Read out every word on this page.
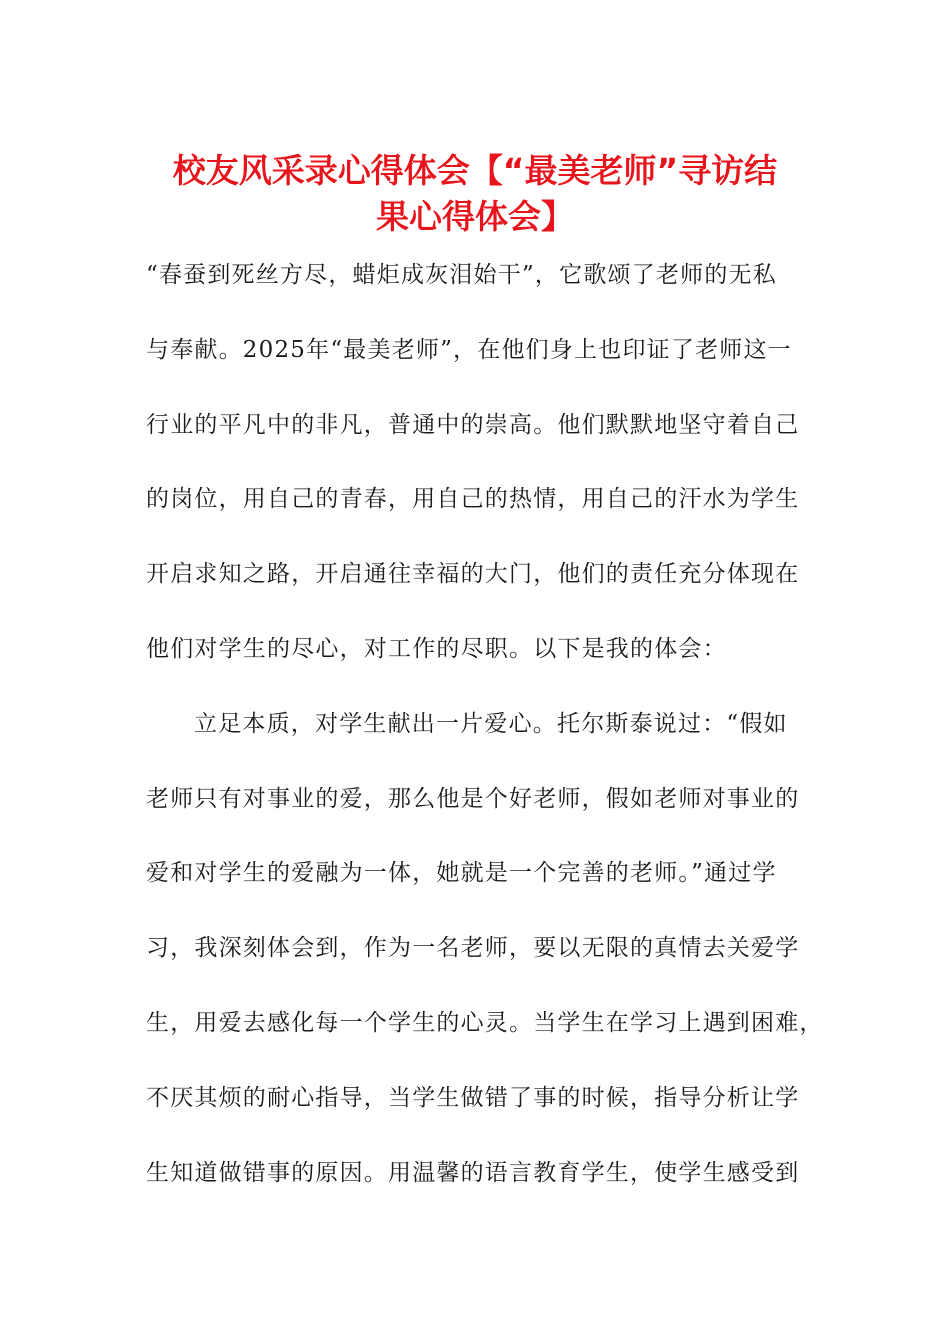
校友风采录心得体会【“最美老师”寻访结
果心得体会】
“春蚕到死丝方尽，蜡炬成灰泪始干”，它歌颂了老师的无私
与奉献。2025年“最美老师”，在他们身上也印证了老师这一
行业的平凡中的非凡，普通中的崇高。他们默默地坚守着自己
的岗位，用自己的青春，用自己的热情，用自己的汗水为学生
开启求知之路，开启通往幸福的大门，他们的责任充分体现在
他们对学生的尽心，对工作的尽职。以下是我的体会：
立足本质，对学生献出一片爱心。托尔斯泰说过：“假如
老师只有对事业的爱，那么他是个好老师，假如老师对事业的
爱和对学生的爱融为一体，她就是一个完善的老师。”通过学
习，我深刻体会到，作为一名老师，要以无限的真情去关爱学
生，用爱去感化每一个学生的心灵。当学生在学习上遇到困难，
不厌其烦的耐心指导，当学生做错了事的时候，指导分析让学
生知道做错事的原因。用温馨的语言教育学生，使学生感受到
